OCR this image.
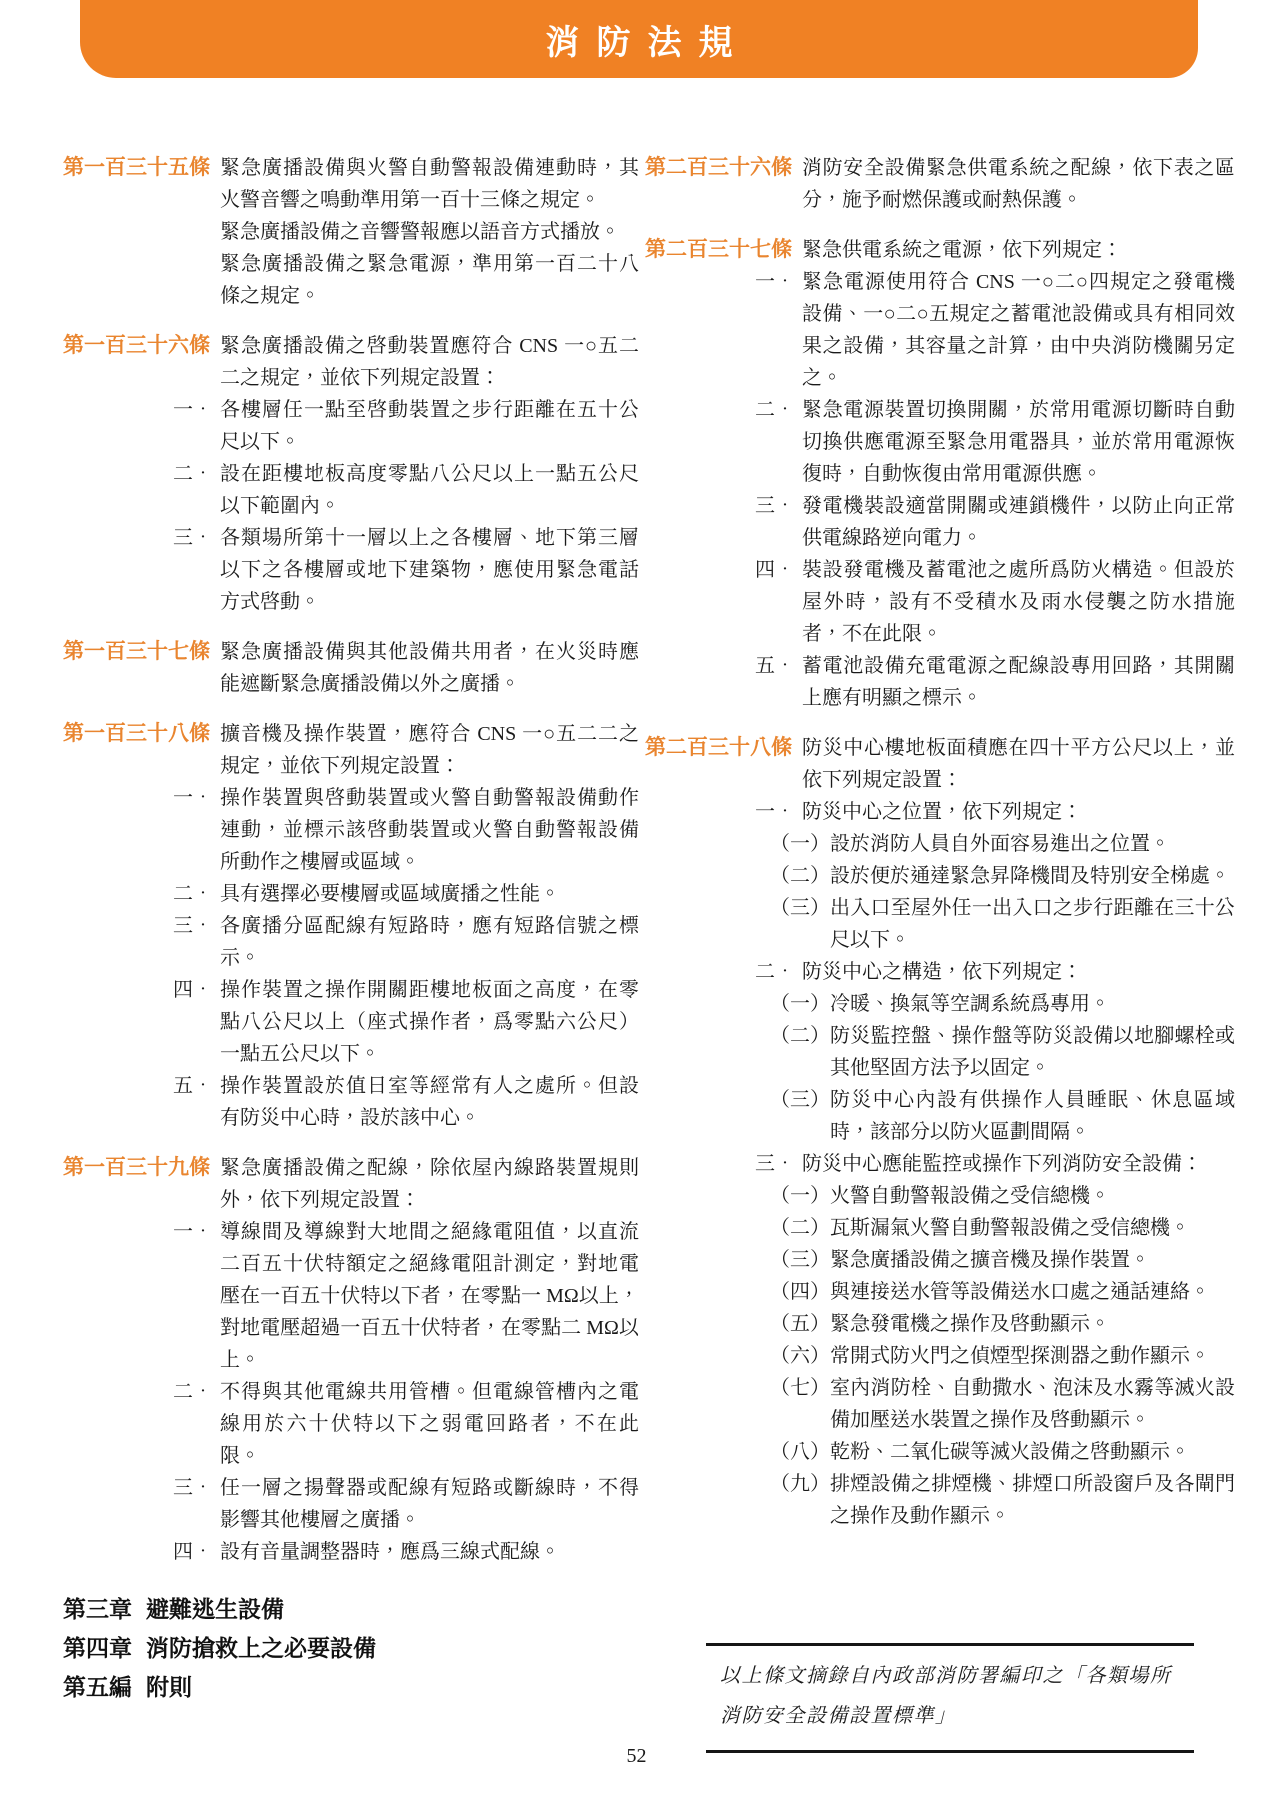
消防法規
第一百三十五條 緊急廣播設備與火警自動警報設備連動時，其火警音響之鳴動準用第一百十三條之規定。

緊急廣播設備之音響警報應以語音方式播放。

緊急廣播設備之緊急電源，準用第一百二十八條之規定。

第一百三十六條 緊急廣播設備之啓動裝置應符合 CNS 一○五二二之規定，並依下列規定設置：

一． 各樓層任一點至啓動裝置之步行距離在五十公尺以下。

二． 設在距樓地板高度零點八公尺以上一點五公尺以下範圍內。

三． 各類場所第十一層以上之各樓層、地下第三層以下之各樓層或地下建築物，應使用緊急電話方式啓動。

第一百三十七條 緊急廣播設備與其他設備共用者，在火災時應能遮斷緊急廣播設備以外之廣播。

第一百三十八條 擴音機及操作裝置，應符合 CNS 一○五二二之規定，並依下列規定設置：

一． 操作裝置與啓動裝置或火警自動警報設備動作連動，並標示該啓動裝置或火警自動警報設備所動作之樓層或區域。

二． 具有選擇必要樓層或區域廣播之性能。

三． 各廣播分區配線有短路時，應有短路信號之標示。

四． 操作裝置之操作開關距樓地板面之高度，在零點八公尺以上（座式操作者，爲零點六公尺）一點五公尺以下。

五． 操作裝置設於值日室等經常有人之處所。但設有防災中心時，設於該中心。

第一百三十九條 緊急廣播設備之配線，除依屋內線路裝置規則外，依下列規定設置：

一． 導線間及導線對大地間之絕緣電阻值，以直流二百五十伏特額定之絕緣電阻計測定，對地電壓在一百五十伏特以下者，在零點一 MΩ以上，對地電壓超過一百五十伏特者，在零點二 MΩ以上。

二． 不得與其他電線共用管槽。但電線管槽內之電線用於六十伏特以下之弱電回路者，不在此限。

三． 任一層之揚聲器或配線有短路或斷線時，不得影響其他樓層之廣播。

四． 設有音量調整器時，應爲三線式配線。

第三章 避難逃生設備
第四章 消防搶救上之必要設備
第五編 附則
第二百三十六條 消防安全設備緊急供電系統之配線，依下表之區分，施予耐燃保護或耐熱保護。

第二百三十七條 緊急供電系統之電源，依下列規定：

一． 緊急電源使用符合 CNS 一○二○四規定之發電機設備、一○二○五規定之蓄電池設備或具有相同效果之設備，其容量之計算，由中央消防機關另定之。

二． 緊急電源裝置切換開關，於常用電源切斷時自動切換供應電源至緊急用電器具，並於常用電源恢復時，自動恢復由常用電源供應。

三． 發電機裝設適當開關或連鎖機件，以防止向正常供電線路逆向電力。

四． 裝設發電機及蓄電池之處所爲防火構造。但設於屋外時，設有不受積水及雨水侵襲之防水措施者，不在此限。

五． 蓄電池設備充電電源之配線設專用回路，其開關上應有明顯之標示。

第二百三十八條 防災中心樓地板面積應在四十平方公尺以上，並依下列規定設置：

一． 防災中心之位置，依下列規定：

（一） 設於消防人員自外面容易進出之位置。

（二） 設於便於通達緊急昇降機間及特別安全梯處。

（三） 出入口至屋外任一出入口之步行距離在三十公尺以下。

二． 防災中心之構造，依下列規定：

（一） 冷暖、換氣等空調系統爲專用。

（二） 防災監控盤、操作盤等防災設備以地腳螺栓或其他堅固方法予以固定。

（三） 防災中心內設有供操作人員睡眠、休息區域時，該部分以防火區劃間隔。

三． 防災中心應能監控或操作下列消防安全設備：

（一） 火警自動警報設備之受信總機。

（二） 瓦斯漏氣火警自動警報設備之受信總機。

（三） 緊急廣播設備之擴音機及操作裝置。

（四） 與連接送水管等設備送水口處之通話連絡。

（五） 緊急發電機之操作及啓動顯示。

（六） 常開式防火門之偵煙型探測器之動作顯示。

（七） 室內消防栓、自動撒水、泡沫及水霧等滅火設備加壓送水裝置之操作及啓動顯示。

（八） 乾粉、二氧化碳等滅火設備之啓動顯示。

（九） 排煙設備之排煙機、排煙口所設窗戶及各閘門之操作及動作顯示。

以上條文摘錄自內政部消防署編印之「各類場所
消防安全設備設置標準」
52
